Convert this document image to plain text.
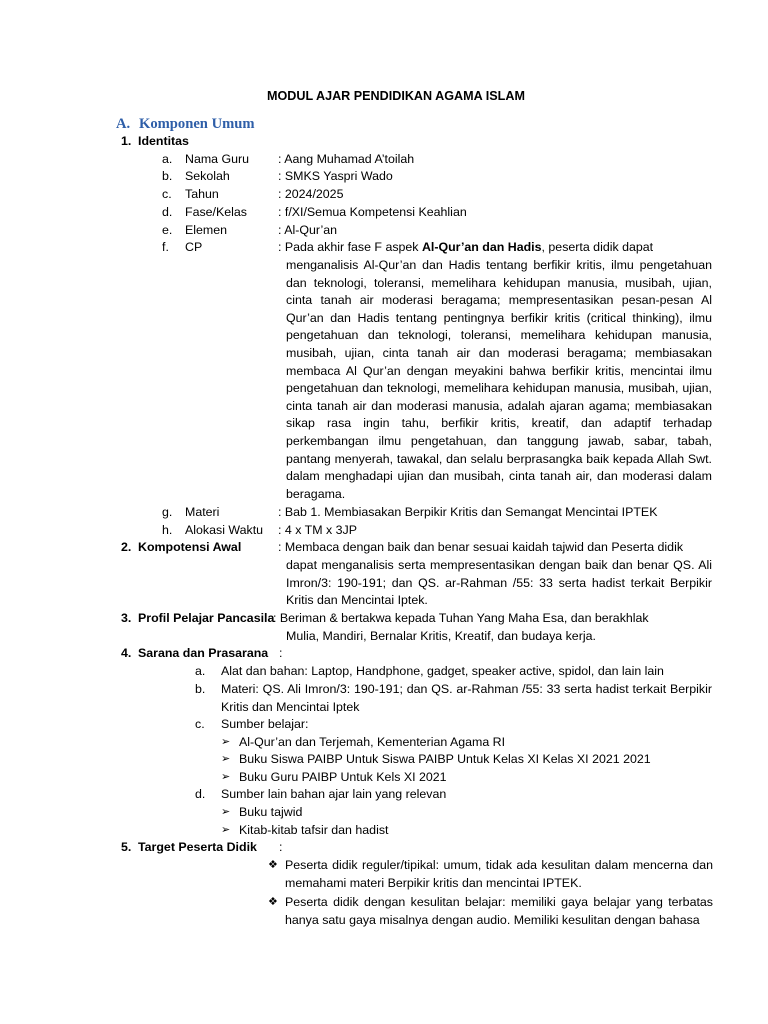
MODUL AJAR PENDIDIKAN AGAMA ISLAM
A. Komponen Umum
1. Identitas
a. Nama Guru : Aang Muhamad A’toilah
b. Sekolah	: SMKS Yaspri Wado
c. Tahun	: 2024/2025
d. Fase/Kelas	: f/XI/Semua Kompetensi Keahlian
e. Elemen	: Al-Qur’an
f. CP	: Pada akhir fase F aspek Al-Qur’an dan Hadis, peserta didik dapat
menganalisis Al-Qur’an dan Hadis tentang berfikir kritis, ilmu pengetahuan dan teknologi, toleransi, memelihara kehidupan manusia, musibah, ujian, cinta tanah air moderasi beragama; mempresentasikan pesan-pesan Al Qur’an dan Hadis tentang pentingnya berfikir kritis (critical thinking), ilmu pengetahuan dan teknologi, toleransi, memelihara kehidupan manusia, musibah, ujian, cinta tanah air dan moderasi beragama; membiasakan membaca Al Qur’an dengan meyakini bahwa berfikir kritis, mencintai ilmu pengetahuan dan teknologi, memelihara kehidupan manusia, musibah, ujian, cinta tanah air dan moderasi manusia, adalah ajaran agama; membiasakan sikap rasa ingin tahu, berfikir kritis, kreatif, dan adaptif terhadap perkembangan ilmu pengetahuan, dan tanggung jawab, sabar, tabah, pantang menyerah, tawakal, dan selalu berprasangka baik kepada Allah Swt. dalam menghadapi ujian dan musibah, cinta tanah air, dan moderasi dalam beragama.
g. Materi	: Bab 1. Membiasakan Berpikir Kritis dan Semangat Mencintai IPTEK
h. Alokasi Waktu : 4 x TM x 3JP
2. Kompotensi Awal	: Membaca dengan baik dan benar sesuai kaidah tajwid dan Peserta didik
dapat menganalisis serta mempresentasikan dengan baik dan benar QS. Ali Imron/3: 190-191; dan QS. ar-Rahman /55: 33 serta hadist terkait Berpikir Kritis dan Mencintai Iptek.
3. Profil Pelajar Pancasila
: Beriman & bertakwa kepada Tuhan Yang Maha Esa, dan berakhlak
Mulia, Mandiri, Bernalar Kritis, Kreatif, dan budaya kerja.
4. Sarana dan Prasarana :
a. Alat dan bahan: Laptop, Handphone, gadget, speaker active, spidol, dan lain lain
b. Materi: QS. Ali Imron/3: 190-191; dan QS. ar-Rahman /55: 33 serta hadist terkait Berpikir Kritis dan Mencintai Iptek
c. Sumber belajar:
➢ Al-Qur’an dan Terjemah, Kementerian Agama RI
➢ Buku Siswa PAIBP Untuk Siswa PAIBP Untuk Kelas XI Kelas XI 2021 2021
➢ Buku Guru PAIBP Untuk Kels XI 2021
d. Sumber lain bahan ajar lain yang relevan
➢ Buku tajwid
➢ Kitab-kitab tafsir dan hadist
5. Target Peserta Didik :
❖ Peserta didik reguler/tipikal: umum, tidak ada kesulitan dalam mencerna dan memahami materi Berpikir kritis dan mencintai IPTEK.
❖ Peserta didik dengan kesulitan belajar: memiliki gaya belajar yang terbatas hanya satu gaya misalnya dengan audio. Memiliki kesulitan dengan bahasa
